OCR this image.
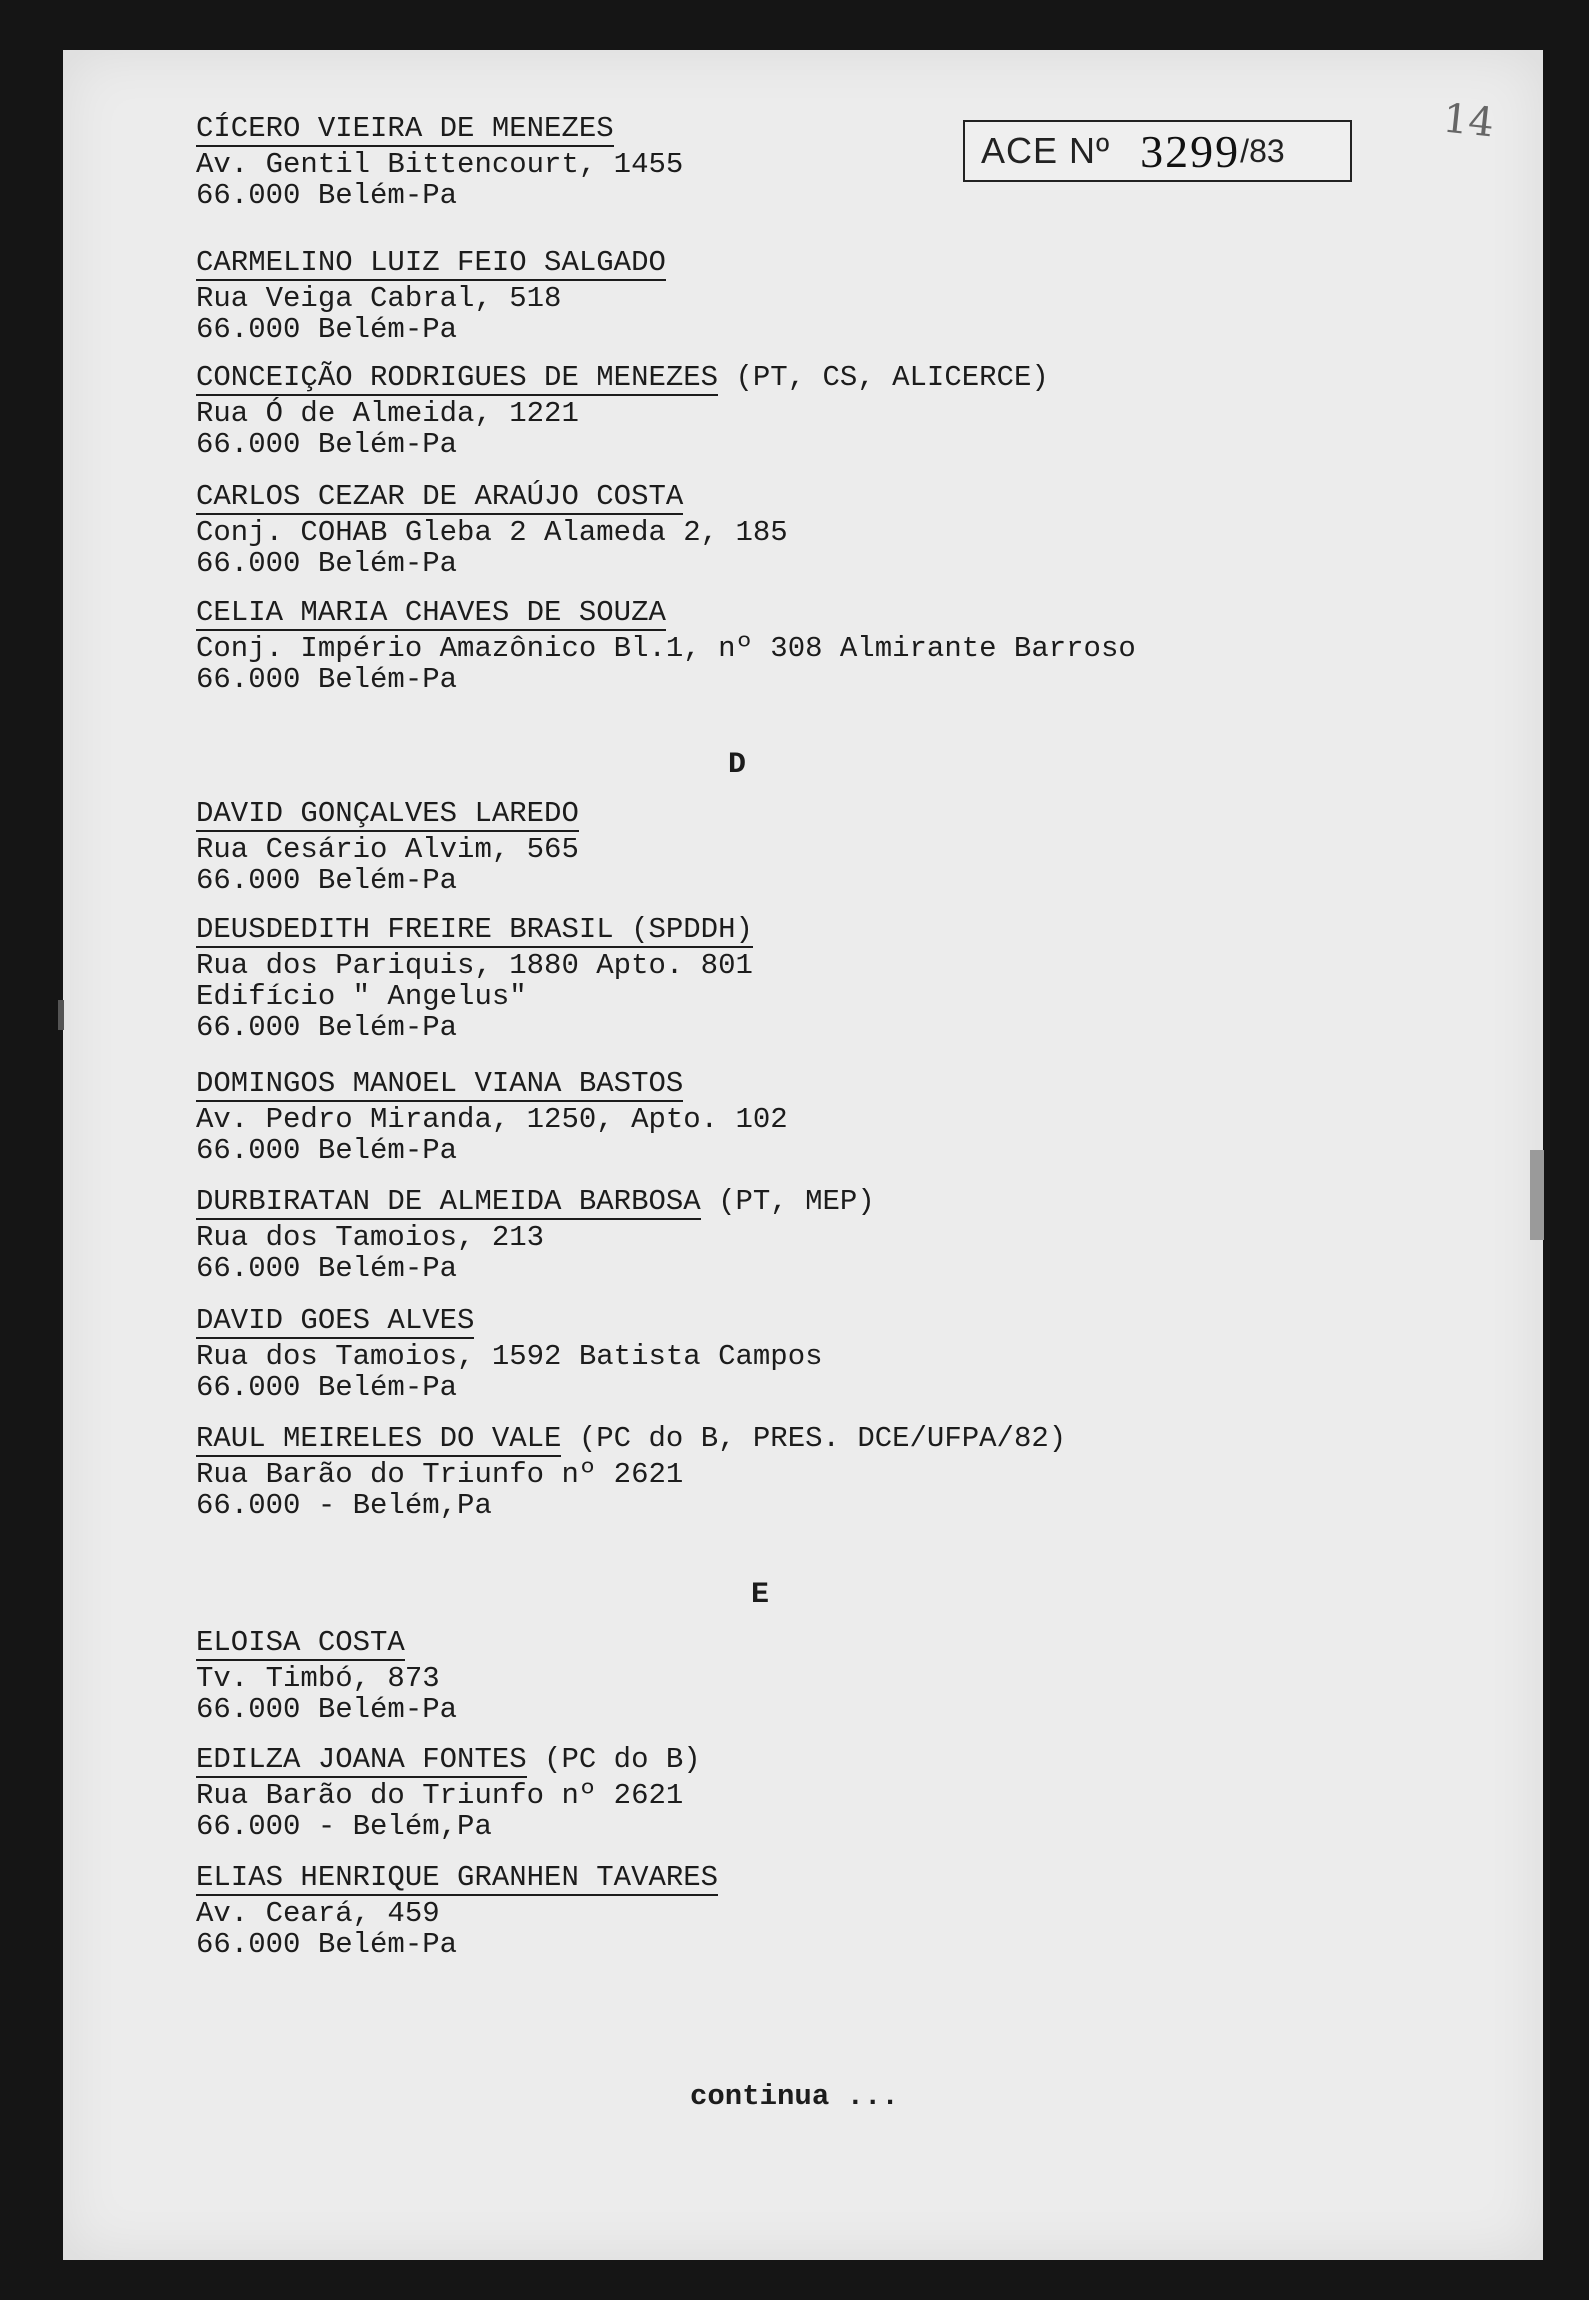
ACE Nº 3299 /83
14
CÍCERO VIEIRA DE MENEZES
Av. Gentil Bittencourt, 1455
66.000 Belém-Pa
CARMELINO LUIZ FEIO SALGADO
Rua Veiga Cabral, 518
66.000 Belém-Pa
CONCEIÇÃO RODRIGUES DE MENEZES (PT, CS, ALICERCE)
Rua Ó de Almeida, 1221
66.000 Belém-Pa
CARLOS CEZAR DE ARAÚJO COSTA
Conj. COHAB Gleba 2 Alameda 2, 185
66.000 Belém-Pa
CELIA MARIA CHAVES DE SOUZA
Conj. Império Amazônico Bl.1, nº 308 Almirante Barroso
66.000 Belém-Pa
D
DAVID GONÇALVES LAREDO
Rua Cesário Alvim, 565
66.000 Belém-Pa
DEUSDEDITH FREIRE BRASIL (SPDDH)
Rua dos Pariquis, 1880 Apto. 801
Edifício " Angelus"
66.000 Belém-Pa
DOMINGOS MANOEL VIANA BASTOS
Av. Pedro Miranda, 1250, Apto. 102
66.000 Belém-Pa
DURBIRATAN DE ALMEIDA BARBOSA (PT, MEP)
Rua dos Tamoios, 213
66.000 Belém-Pa
DAVID GOES ALVES
Rua dos Tamoios, 1592 Batista Campos
66.000 Belém-Pa
RAUL MEIRELES DO VALE (PC do B, PRES. DCE/UFPA/82)
Rua Barão do Triunfo nº 2621
66.000 - Belém,Pa
E
ELOISA COSTA
Tv. Timbó, 873
66.000 Belém-Pa
EDILZA JOANA FONTES (PC do B)
Rua Barão do Triunfo nº 2621
66.000 - Belém,Pa
ELIAS HENRIQUE GRANHEN TAVARES
Av. Ceará, 459
66.000 Belém-Pa
continua ...
